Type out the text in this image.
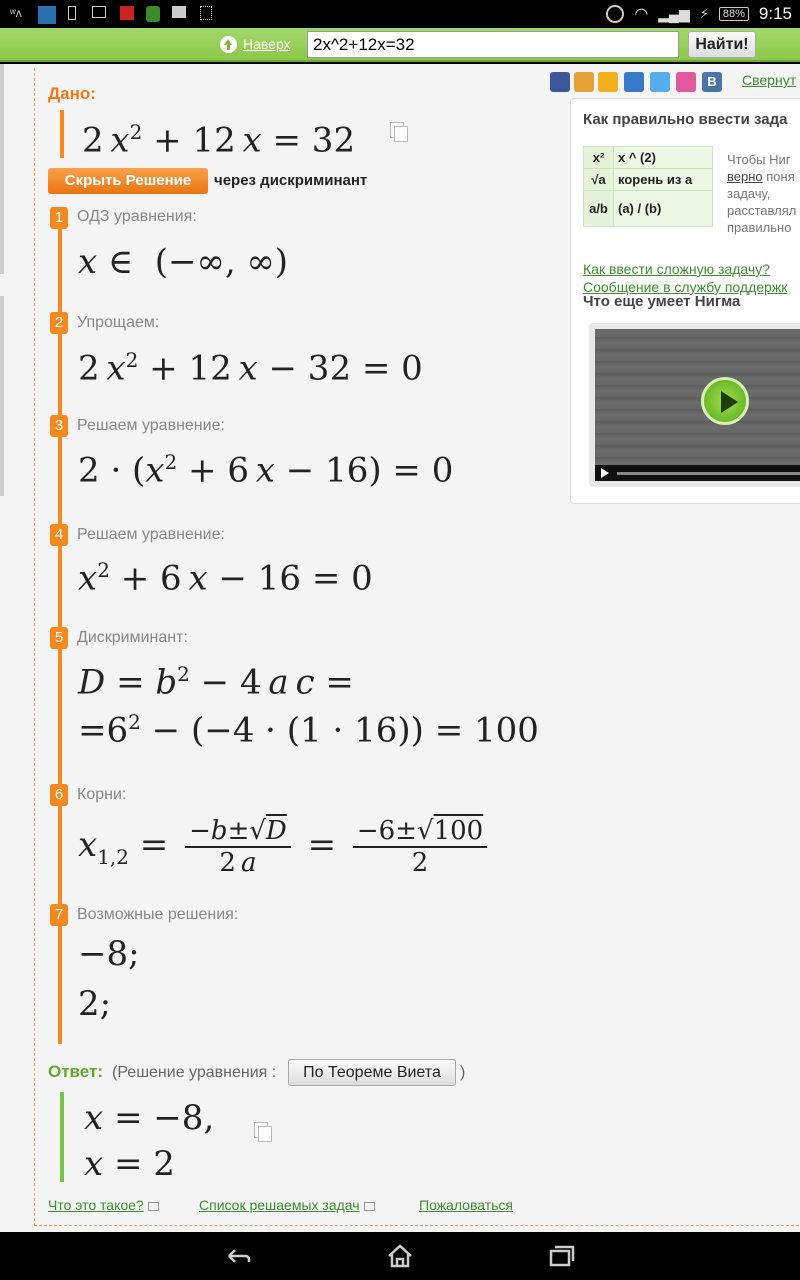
ʷʌ	◠ ▂▄▆ ⚡	88% 9:15
Наверх
2x^2+12x=32	Найти!
Дано:
2 $x^2 + 12$ x = 32
Скрыть Решение	через дискриминант
1 ОДЗ уравнения:
x ∈  (−∞, ∞)
2 Упрощаем:
2 $x^2 + 12$ x − 32 = 0
3 Решаем уравнение:
$2 \cdot (x^2 + 6$ x − 16) = 0
4 Решаем уравнение:
$x^2 + 6$ x − 16 = 0
5 Дискриминант:
$D = b^2 - 4$ a  c =
$=6^2 - (-4 \cdot (1 \cdot 16)) = 100$
6 Корни:
$x_{1,2} = \frac{-b\pm√D}{2 a} = \frac{-6\pm√100}{2}$
7 Возможные решения:
−8;
2;
Ответ: (Решение уравнения :	По Теореме Виета	)
x = −8,
x = 2
Что это такое?	Список решаемых задач	Пожаловаться
B	Свернут
Как правильно ввести зада
x²	x ^ (2)
√a	корень из a
a/b	(a) / (b)
Чтобы Ниг
верно поня задачу, расставлял правильно
Как ввести сложную задачу?
Сообщение в службу поддержк
Что еще умеет Нигма
